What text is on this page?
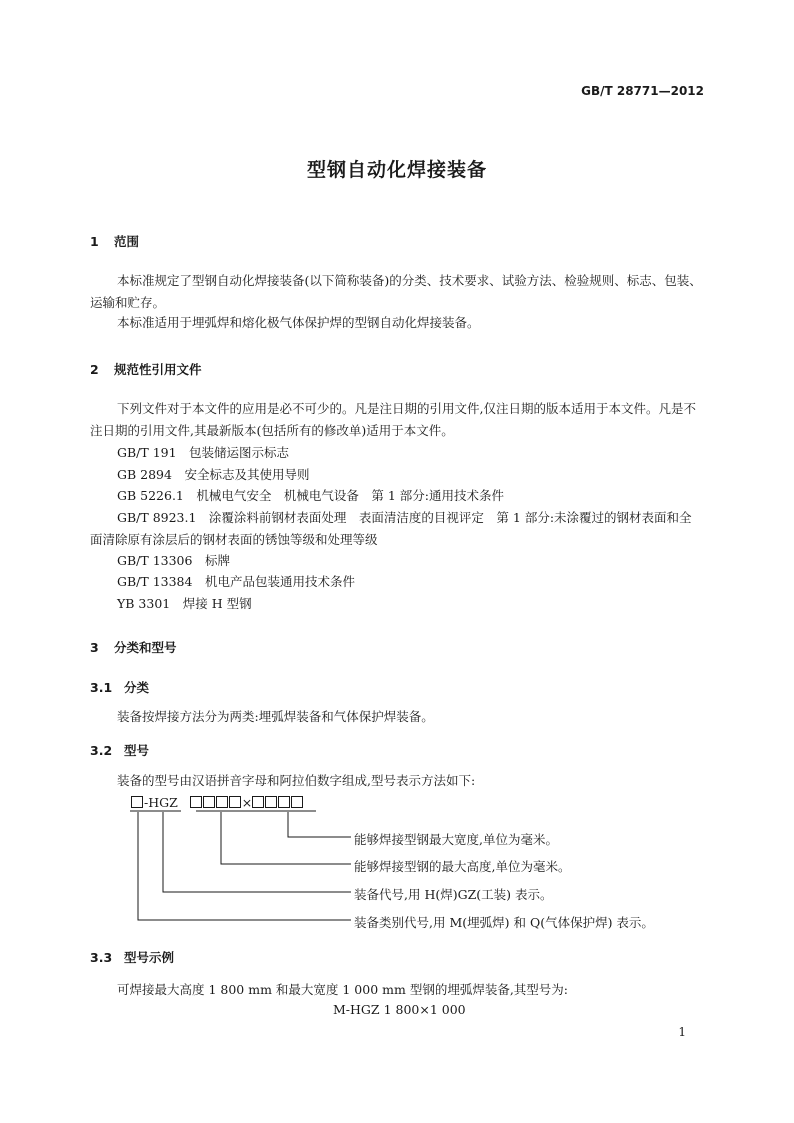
GB/T 28771—2012
型钢自动化焊接装备
1 范围
本标准规定了型钢自动化焊接装备(以下简称装备)的分类、技术要求、试验方法、检验规则、标志、包装、运输和贮存。
本标准适用于埋弧焊和熔化极气体保护焊的型钢自动化焊接装备。
2 规范性引用文件
下列文件对于本文件的应用是必不可少的。凡是注日期的引用文件,仅注日期的版本适用于本文件。凡是不注日期的引用文件,其最新版本(包括所有的修改单)适用于本文件。
GB/T 191　包装储运图示标志
GB 2894　安全标志及其使用导则
GB 5226.1　机械电气安全　机械电气设备　第 1 部分:通用技术条件
GB/T 8923.1　涂覆涂料前钢材表面处理　表面清洁度的目视评定　第 1 部分:未涂覆过的钢材表面和全面清除原有涂层后的钢材表面的锈蚀等级和处理等级
GB/T 13306　标牌
GB/T 13384　机电产品包装通用技术条件
YB 3301　焊接 H 型钢
3 分类和型号
3.1 分类
装备按焊接方法分为两类:埋弧焊装备和气体保护焊装备。
3.2 型号
装备的型号由汉语拼音字母和阿拉伯数字组成,型号表示方法如下:
-HGZ	×
能够焊接型钢最大宽度,单位为毫米。
能够焊接型钢的最大高度,单位为毫米。
装备代号,用 H(焊)GZ(工装) 表示。
装备类别代号,用 M(埋弧焊) 和 Q(气体保护焊) 表示。
3.3 型号示例
可焊接最大高度 1 800 mm 和最大宽度 1 000 mm 型钢的埋弧焊装备,其型号为:
M-HGZ 1 800×1 000
1
